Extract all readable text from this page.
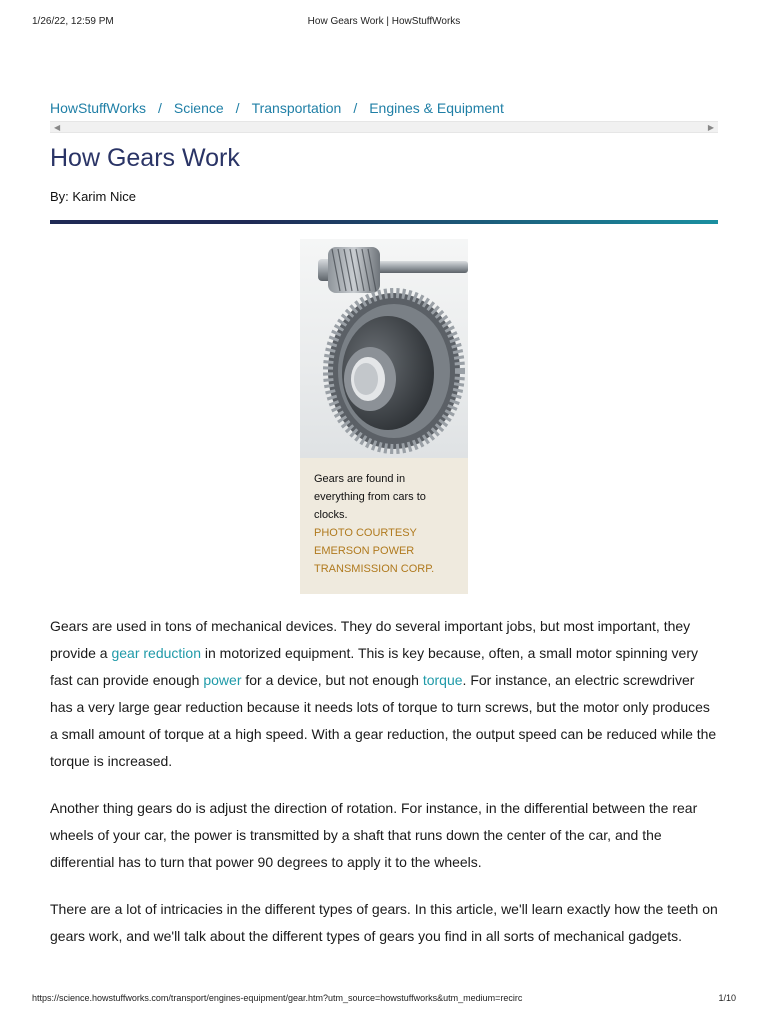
1/26/22, 12:59 PM	How Gears Work | HowStuffWorks
HowStuffWorks / Science / Transportation / Engines & Equipment
◀	▶
How Gears Work
By: Karim Nice
Gears are found in everything from cars to clocks.
PHOTO COURTESY EMERSON POWER TRANSMISSION CORP.

Gears are used in tons of mechanical devices. They do several important jobs, but most important, they provide a gear reduction in motorized equipment. This is key because, often, a small motor spinning very fast can provide enough power for a device, but not enough torque. For instance, an electric screwdriver has a very large gear reduction because it needs lots of torque to turn screws, but the motor only produces a small amount of torque at a high speed. With a gear reduction, the output speed can be reduced while the torque is increased.

Another thing gears do is adjust the direction of rotation. For instance, in the differential between the rear wheels of your car, the power is transmitted by a shaft that runs down the center of the car, and the differential has to turn that power 90 degrees to apply it to the wheels.

There are a lot of intricacies in the different types of gears. In this article, we'll learn exactly how the teeth on gears work, and we'll talk about the different types of gears you find in all sorts of mechanical gadgets.

https://science.howstuffworks.com/transport/engines-equipment/gear.htm?utm_source=howstuffworks&utm_medium=recirc	1/10
